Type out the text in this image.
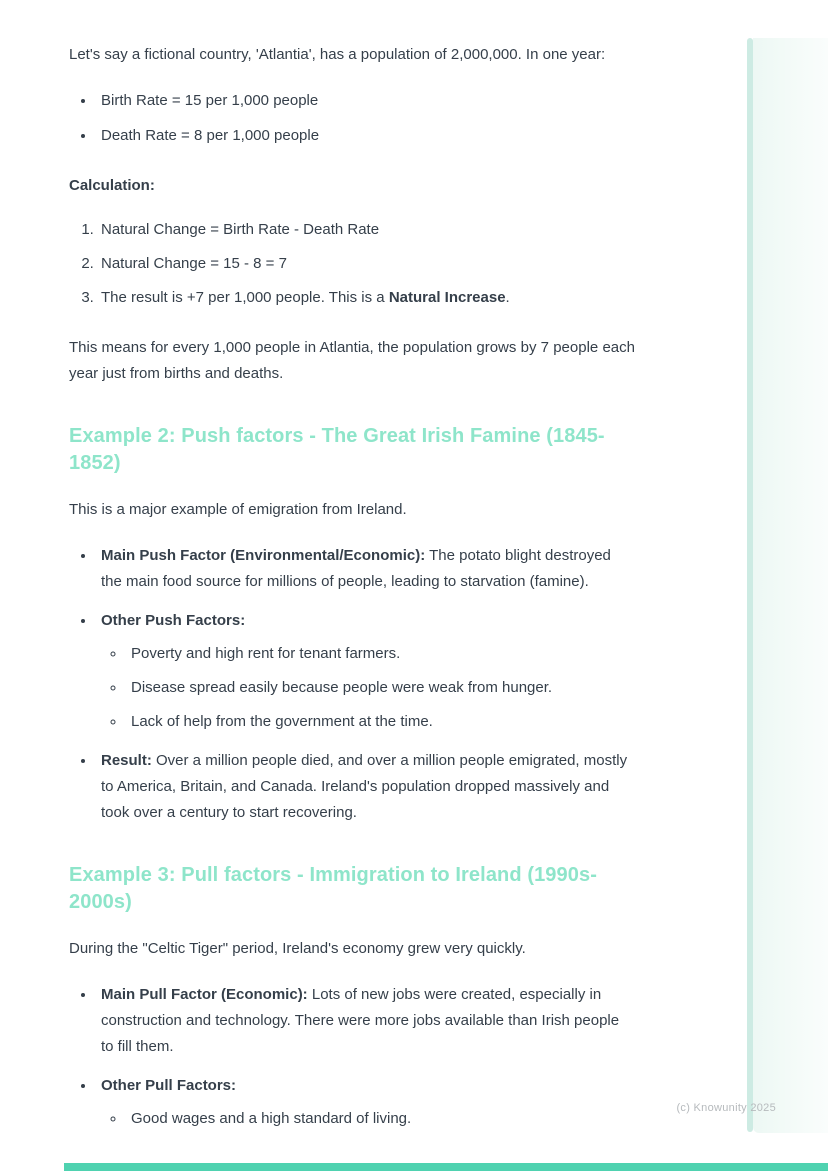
Let's say a fictional country, 'Atlantia', has a population of 2,000,000. In one year:

• Birth Rate = 15 per 1,000 people
• Death Rate = 8 per 1,000 people

Calculation:

1. Natural Change = Birth Rate - Death Rate
2. Natural Change = 15 - 8 = 7
3. The result is +7 per 1,000 people. This is a Natural Increase.

This means for every 1,000 people in Atlantia, the population grows by 7 people each year just from births and deaths.

Example 2: Push factors - The Great Irish Famine (1845-1852)

This is a major example of emigration from Ireland.

• Main Push Factor (Environmental/Economic): The potato blight destroyed the main food source for millions of people, leading to starvation (famine).
• Other Push Factors:
◦ Poverty and high rent for tenant farmers.
◦ Disease spread easily because people were weak from hunger.
◦ Lack of help from the government at the time.
• Result: Over a million people died, and over a million people emigrated, mostly to America, Britain, and Canada. Ireland's population dropped massively and took over a century to start recovering.
Example 3: Pull factors - Immigration to Ireland (1990s-2000s)

During the "Celtic Tiger" period, Ireland's economy grew very quickly.

• Main Pull Factor (Economic): Lots of new jobs were created, especially in construction and technology. There were more jobs available than Irish people to fill them.
• Other Pull Factors:
◦ Good wages and a high standard of living.
(c) Knowunity 2025
